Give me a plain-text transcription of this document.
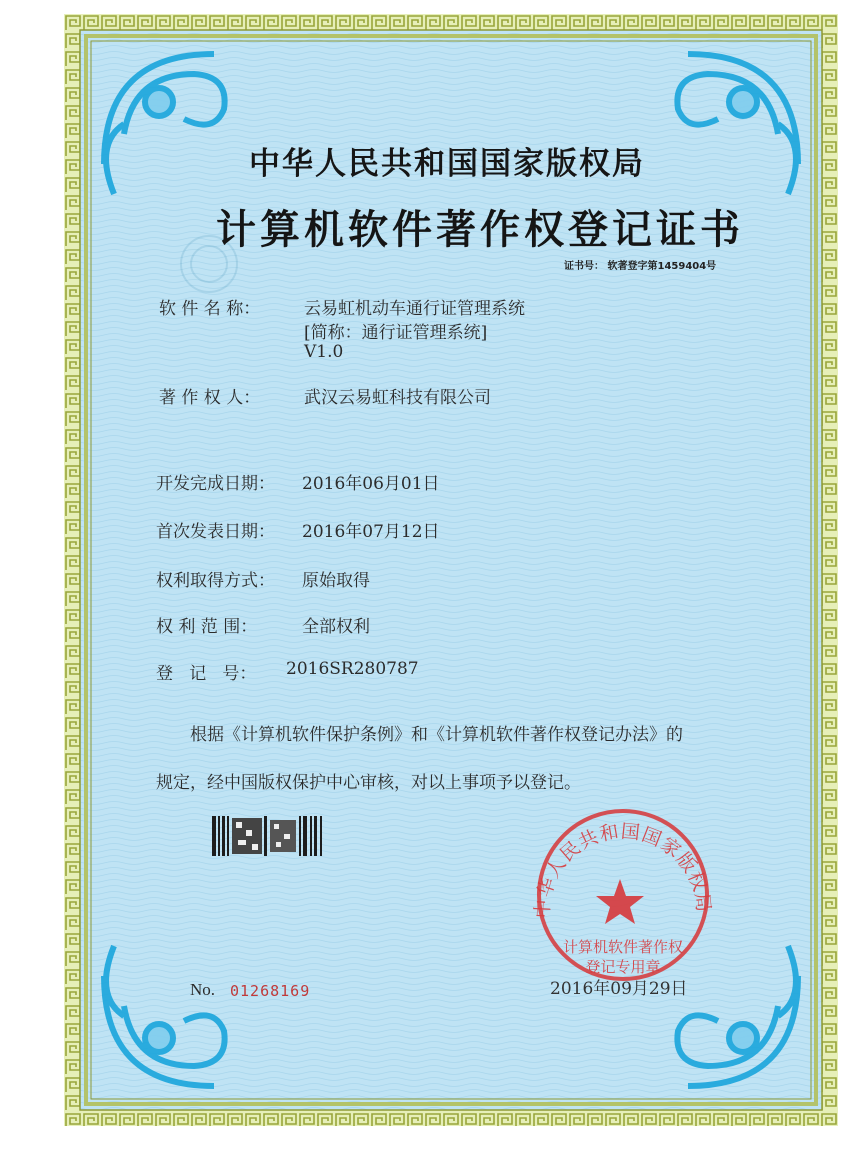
中华人民共和国国家版权局
计算机软件著作权
登记专用章
中华人民共和国国家版权局
计算机软件著作权登记证书
证书号： 软著登字第1459404号
软 件 名 称：	云易虹机动车通行证管理系统
[简称：通行证管理系统]
V1.0
著 作 权 人：	武汉云易虹科技有限公司
开发完成日期： 2016年06月01日
首次发表日期： 2016年07月12日
权利取得方式： 原始取得
权 利 范 围：	全部权利
登   记   号： 2016SR280787
根据《计算机软件保护条例》和《计算机软件著作权登记办法》的
规定，经中国版权保护中心审核，对以上事项予以登记。
No. 01268169	2016年09月29日
